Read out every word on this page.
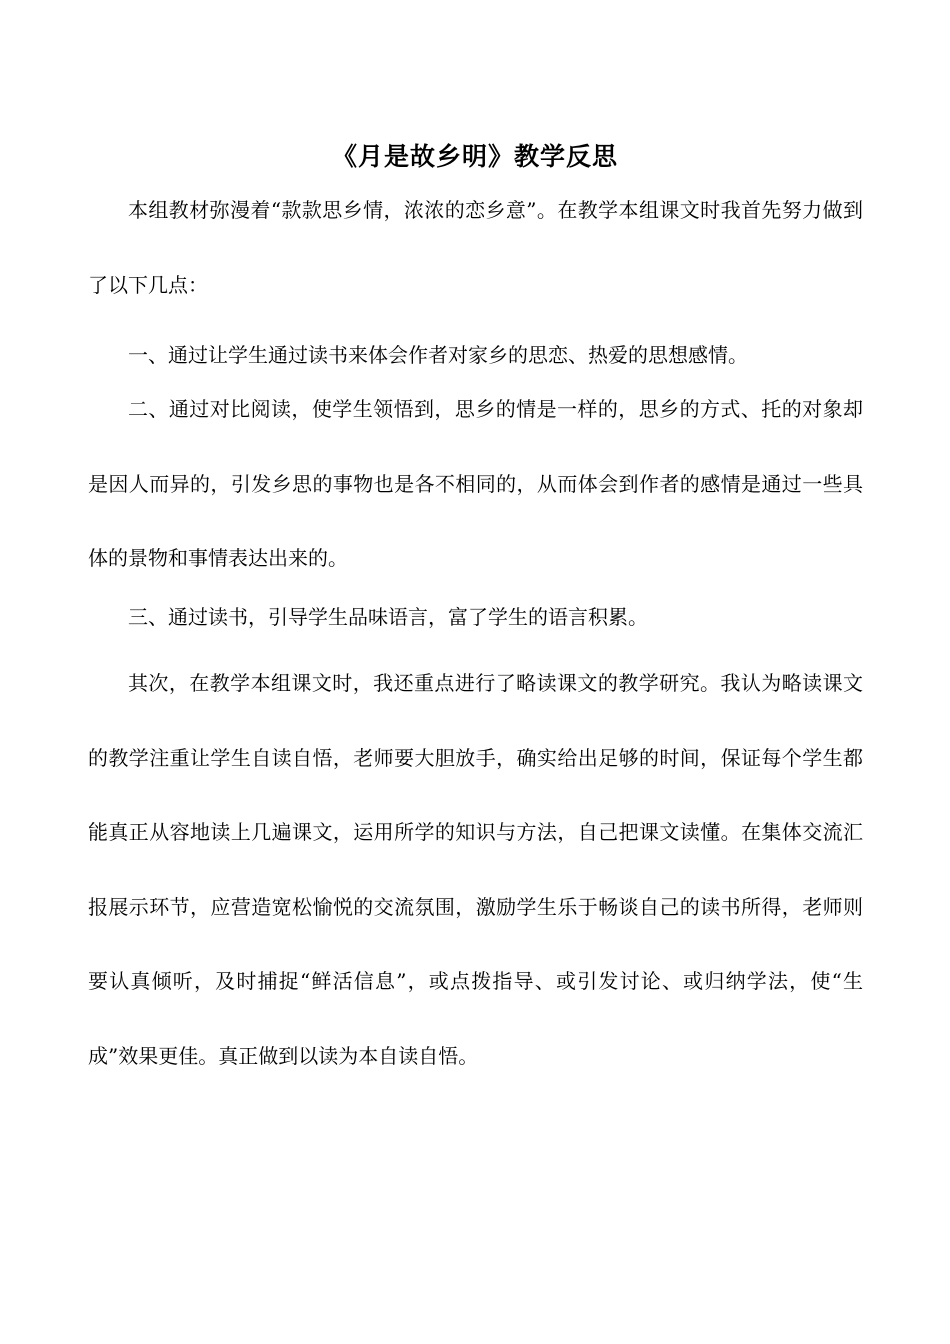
《月是故乡明》教学反思

本组教材弥漫着“款款思乡情，浓浓的恋乡意”。在教学本组课文时我首先努力做到了以下几点：

一、通过让学生通过读书来体会作者对家乡的思恋、热爱的思想感情。

二、通过对比阅读，使学生领悟到，思乡的情是一样的，思乡的方式、托的对象却是因人而异的，引发乡思的事物也是各不相同的，从而体会到作者的感情是通过一些具体的景物和事情表达出来的。

三、通过读书，引导学生品味语言，富了学生的语言积累。

其次，在教学本组课文时，我还重点进行了略读课文的教学研究。我认为略读课文的教学注重让学生自读自悟，老师要大胆放手，确实给出足够的时间，保证每个学生都能真正从容地读上几遍课文，运用所学的知识与方法，自己把课文读懂。在集体交流汇报展示环节，应营造宽松愉悦的交流氛围，激励学生乐于畅谈自己的读书所得，老师则要认真倾听，及时捕捉“鲜活信息”，或点拨指导、或引发讨论、或归纳学法，使“生成”效果更佳。真正做到以读为本自读自悟。
